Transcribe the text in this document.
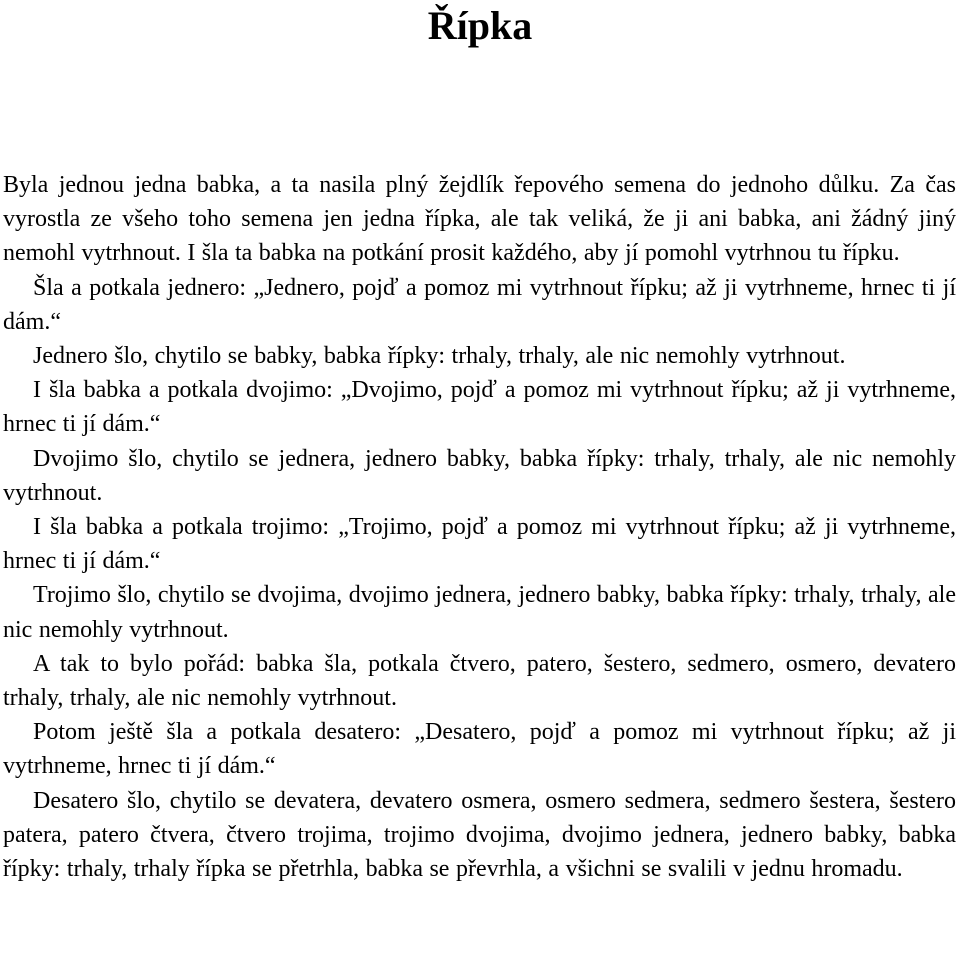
Řípka

Byla jednou jedna babka, a ta nasila plný žejdlík řepového semena do jednoho důlku. Za čas vyrostla ze všeho toho semena jen jedna řípka, ale tak veliká, že ji ani babka, ani žádný jiný nemohl vytrhnout. I šla ta babka na potkání prosit každého, aby jí pomohl vytrhnou tu řípku.

Šla a potkala jednero: „Jednero, pojď a pomoz mi vytrhnout řípku; až ji vytrhneme, hrnec ti jí dám.“

Jednero šlo, chytilo se babky, babka řípky: trhaly, trhaly, ale nic nemohly vytrhnout.

I šla babka a potkala dvojimo: „Dvojimo, pojď a pomoz mi vytrhnout řípku; až ji vytrhneme, hrnec ti jí dám.“

Dvojimo šlo, chytilo se jednera, jednero babky, babka řípky: trhaly, trhaly, ale nic nemohly vytrhnout.

I šla babka a potkala trojimo: „Trojimo, pojď a pomoz mi vytrhnout řípku; až ji vytrhneme, hrnec ti jí dám.“

Trojimo šlo, chytilo se dvojima, dvojimo jednera, jednero babky, babka řípky: trhaly, trhaly, ale nic nemohly vytrhnout.

A tak to bylo pořád: babka šla, potkala čtvero, patero, šestero, sedmero, osmero, devatero trhaly, trhaly, ale nic nemohly vytrhnout.

Potom ještě šla a potkala desatero: „Desatero, pojď a pomoz mi vytrhnout řípku; až ji vytrhneme, hrnec ti jí dám.“

Desatero šlo, chytilo se devatera, devatero osmera, osmero sedmera, sedmero šestera, šestero patera, patero čtvera, čtvero trojima, trojimo dvojima, dvojimo jednera, jednero babky, babka řípky: trhaly, trhaly řípka se přetrhla, babka se převrhla, a všichni se svalili v jednu hromadu.
